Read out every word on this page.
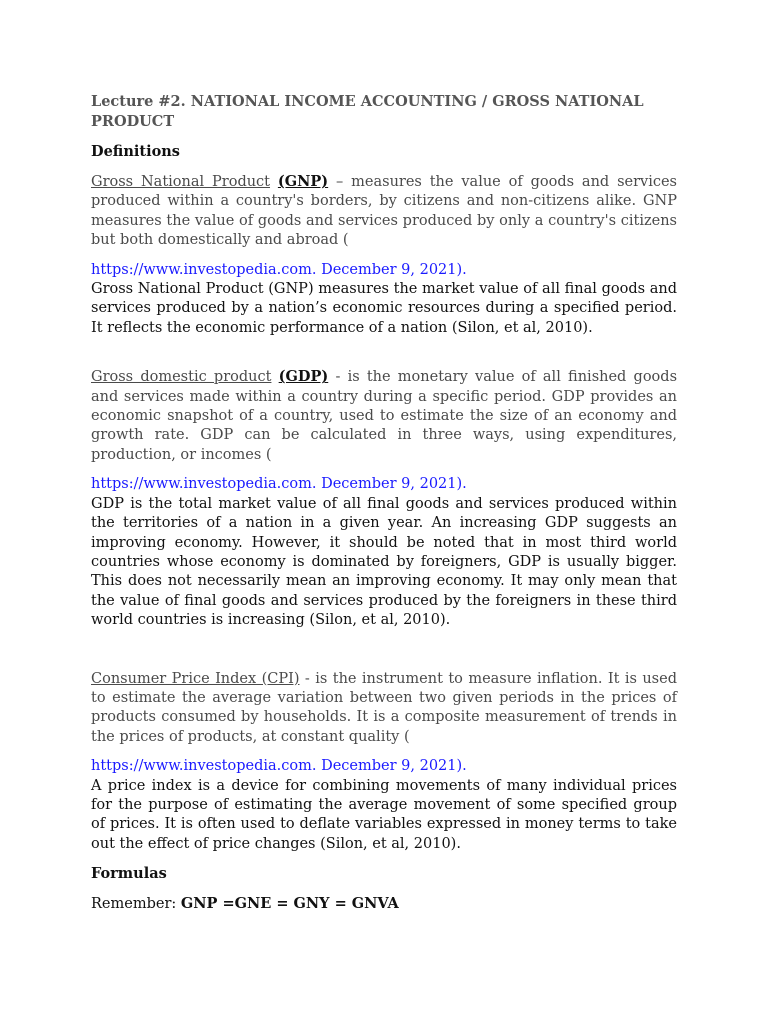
Lecture #2. NATIONAL INCOME ACCOUNTING / GROSS NATIONAL PRODUCT
Definitions

Gross National Product (GNP) – measures the value of goods and services produced within a country's borders, by citizens and non-citizens alike. GNP measures the value of goods and services produced by only a country's citizens but both domestically and abroad (

https://www.investopedia.com. December 9, 2021).

Gross National Product (GNP) measures the market value of all final goods and services produced by a nation’s economic resources during a specified period. It reflects the economic performance of a nation (Silon, et al, 2010).

Gross domestic product (GDP) - is the monetary value of all finished goods and services made within a country during a specific period. GDP provides an economic snapshot of a country, used to estimate the size of an economy and growth rate. GDP can be calculated in three ways, using expenditures, production, or incomes (

https://www.investopedia.com. December 9, 2021).

GDP is the total market value of all final goods and services produced within the territories of a nation in a given year. An increasing GDP suggests an improving economy. However, it should be noted that in most third world countries whose economy is dominated by foreigners, GDP is usually bigger. This does not necessarily mean an improving economy. It may only mean that the value of final goods and services produced by the foreigners in these third world countries is increasing (Silon, et al, 2010).

Consumer Price Index (CPI) - is the instrument to measure inflation. It is used to estimate the average variation between two given periods in the prices of products consumed by households. It is a composite measurement of trends in the prices of products, at constant quality (

https://www.investopedia.com. December 9, 2021).

A price index is a device for combining movements of many individual prices for the purpose of estimating the average movement of some specified group of prices. It is often used to deflate variables expressed in money terms to take out the effect of price changes (Silon, et al, 2010).

Formulas

Remember: GNP =GNE = GNY = GNVA
